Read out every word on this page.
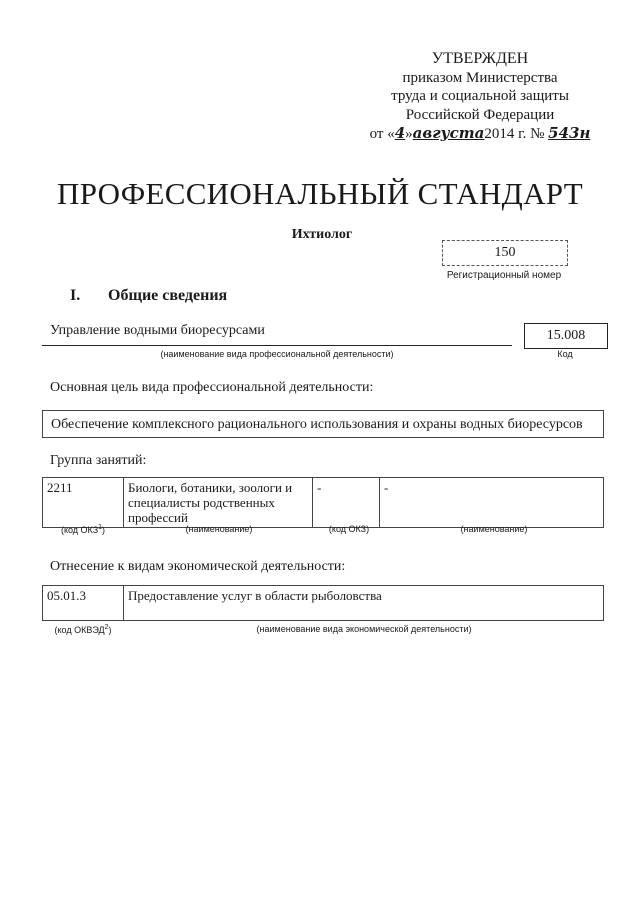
УТВЕРЖДЕН
приказом Министерства
труда и социальной защиты
Российской Федерации
от «4»августа2014 г. № 543н
ПРОФЕССИОНАЛЬНЫЙ СТАНДАРТ
Ихтиолог
150
Регистрационный номер
I. Общие сведения
Управление водными биоресурсами
(наименование вида профессиональной деятельности)
15.008
Код
Основная цель вида профессиональной деятельности:
Обеспечение комплексного рационального использования и охраны водных биоресурсов
Группа занятий:
2211	Биологи, ботаники, зоологи и специалисты родственных профессий	-	-
(код ОКЗ$^1$)	(наименование)	(код ОКЗ)	(наименование)
Отнесение к видам экономической деятельности:
05.01.3	Предоставление услуг в области рыболовства
(код ОКВЭД$^2$)	(наименование вида экономической деятельности)
